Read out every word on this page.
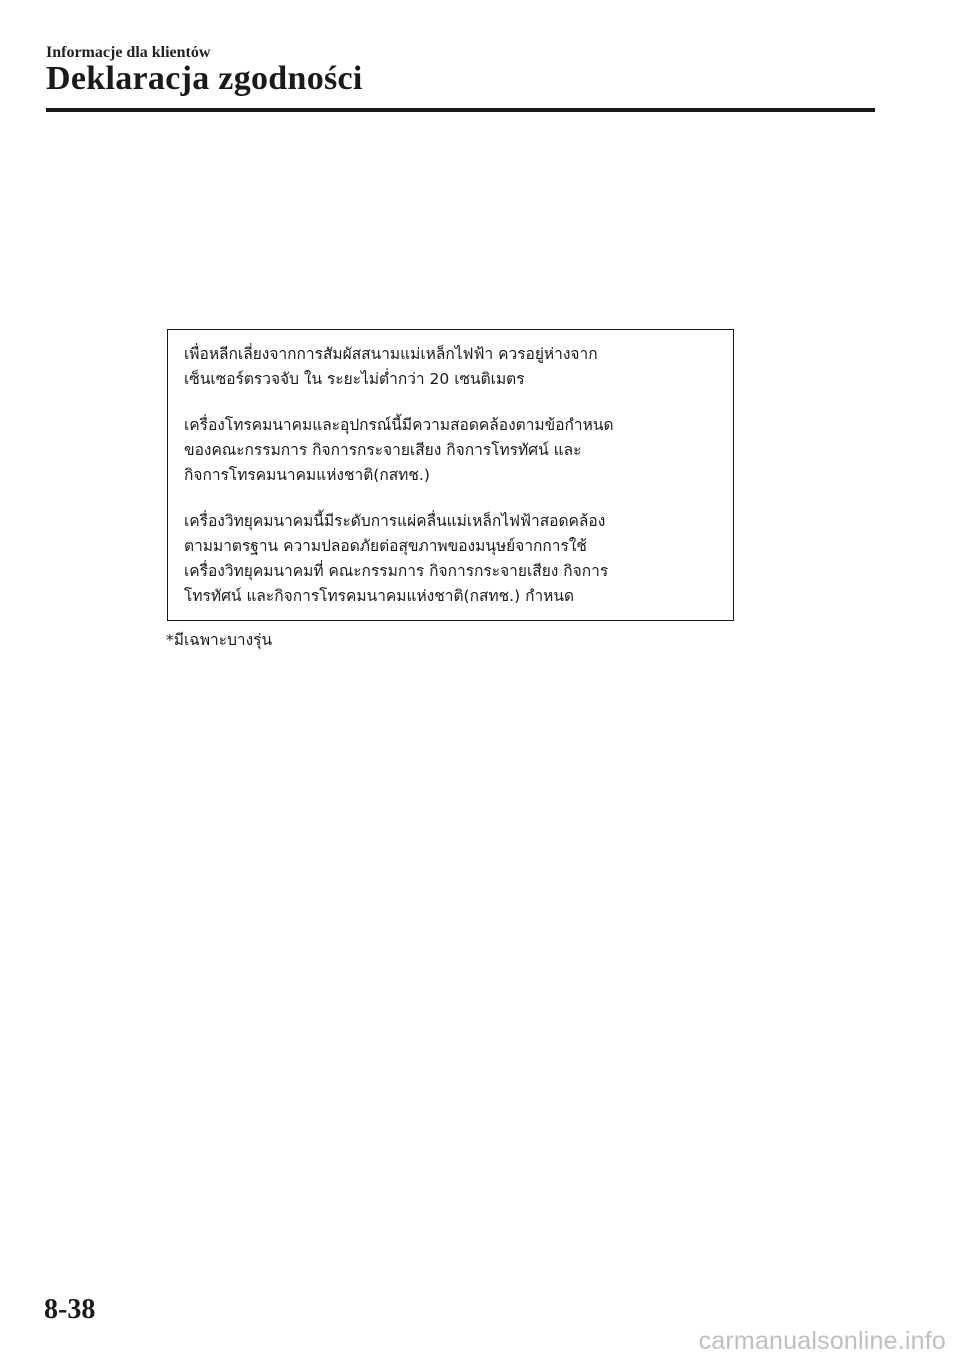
Informacje dla klientów
Deklaracja zgodności

เพื่อหลีกเลี่ยงจากการสัมผัสสนามแม่เหล็กไฟฟ้า ควรอยู่ห่างจาก
เซ็นเซอร์ตรวจจับ ใน ระยะไม่ต่ำกว่า 20 เซนติเมตร

เครื่องโทรคมนาคมและอุปกรณ์นี้มีความสอดคล้องตามข้อกำหนด
ของคณะกรรมการ กิจการกระจายเสียง กิจการโทรทัศน์ และ
กิจการโทรคมนาคมแห่งชาติ(กสทช.)

เครื่องวิทยุคมนาคมนี้มีระดับการแผ่คลื่นแม่เหล็กไฟฟ้าสอดคล้อง
ตามมาตรฐาน ความปลอดภัยต่อสุขภาพของมนุษย์จากการใช้
เครื่องวิทยุคมนาคมที่ คณะกรรมการ กิจการกระจายเสียง กิจการ
โทรทัศน์ และกิจการโทรคมนาคมแห่งชาติ(กสทช.) กำหนด

*มีเฉพาะบางรุ่น
8-38
carmanualsonline.info
